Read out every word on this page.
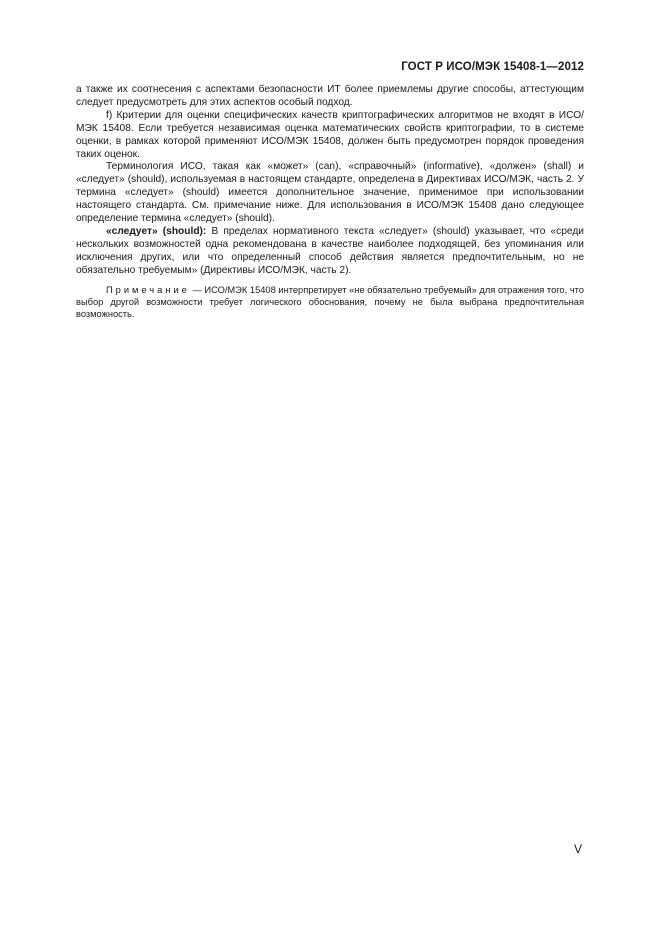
ГОСТ Р ИСО/МЭК 15408-1—2012

а также их соотнесения с аспектами безопасности ИТ более приемлемы другие способы, аттестующим следует предусмотреть для этих аспектов особый подход.

f) Критерии для оценки специфических качеств криптографических алгоритмов не входят в ИСО/МЭК 15408. Если требуется независимая оценка математических свойств криптографии, то в системе оценки, в рамках которой применяют ИСО/МЭК 15408, должен быть предусмотрен порядок проведения таких оценок.

Терминология ИСО, такая как «может» (can), «справочный» (informative), «должен» (shall) и «следует» (should), используемая в настоящем стандарте, определена в Директивах ИСО/МЭК, часть 2. У термина «следует» (should) имеется дополнительное значение, применимое при использовании настоящего стандарта. См. примечание ниже. Для использования в ИСО/МЭК 15408 дано следующее определение термина «следует» (should).

«следует» (should): В пределах нормативного текста «следует» (should) указывает, что «среди нескольких возможностей одна рекомендована в качестве наиболее подходящей, без упоминания или исключения других, или что определенный способ действия является предпочтительным, но не обязательно требуемым» (Директивы ИСО/МЭК, часть 2).

Примечание — ИСО/МЭК 15408 интерпретирует «не обязательно требуемый» для отражения того, что выбор другой возможности требует логического обоснования, почему не была выбрана предпочтительная возможность.

V
